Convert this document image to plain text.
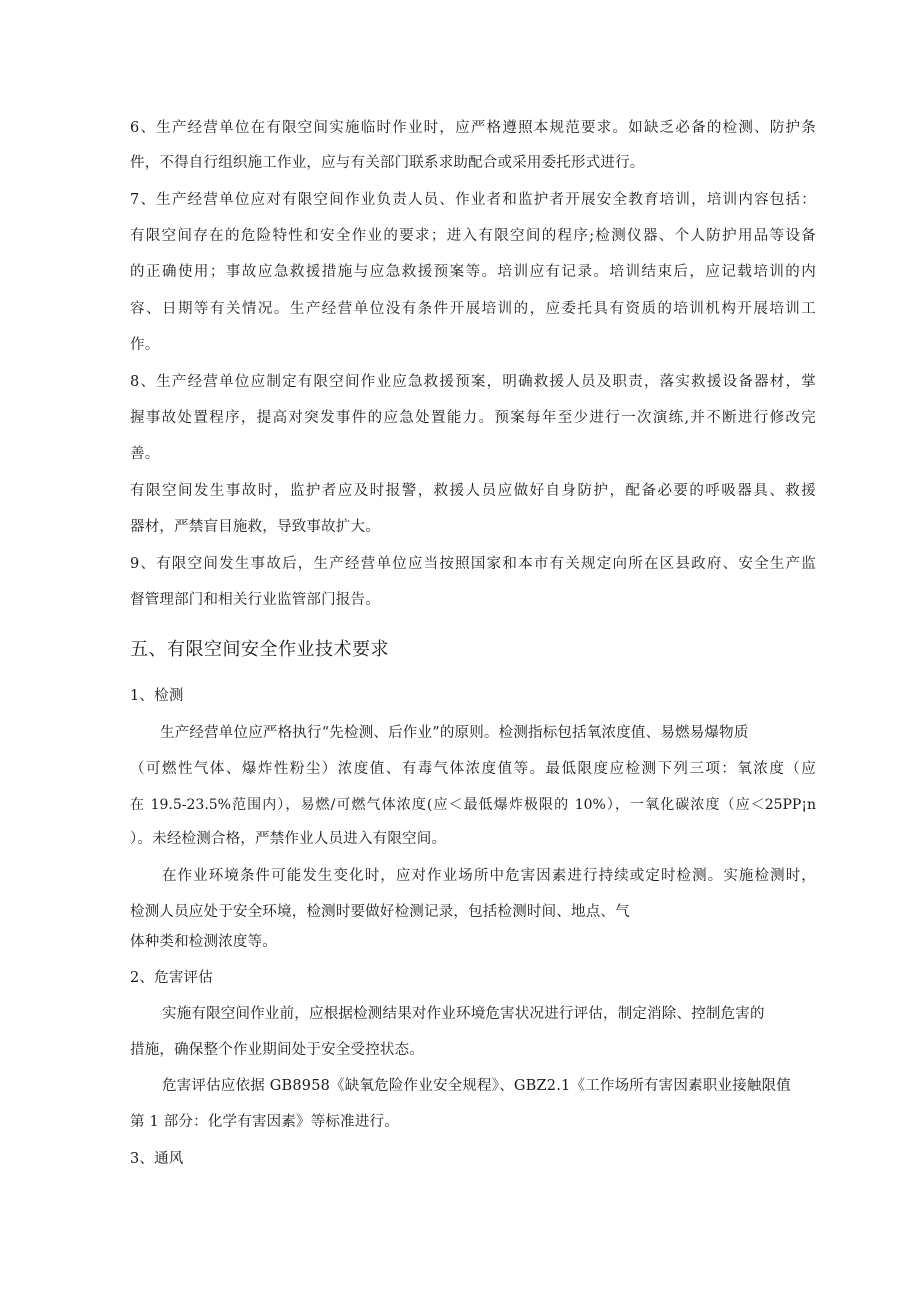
6、生产经营单位在有限空间实施临时作业时，应严格遵照本规范要求。如缺乏必备的检测、防护条
件，不得自行组织施工作业，应与有关部门联系求助配合或采用委托形式进行。
7、生产经营单位应对有限空间作业负责人员、作业者和监护者开展安全教育培训，培训内容包括：
有限空间存在的危险特性和安全作业的要求；进入有限空间的程序;检测仪器、个人防护用品等设备
的正确使用；事故应急救援措施与应急救援预案等。培训应有记录。培训结束后，应记载培训的内
容、日期等有关情况。生产经营单位没有条件开展培训的，应委托具有资质的培训机构开展培训工
作。
8、生产经营单位应制定有限空间作业应急救援预案，明确救援人员及职责，落实救援设备器材，掌
握事故处置程序，提高对突发事件的应急处置能力。预案每年至少进行一次演练,并不断进行修改完
善。
有限空间发生事故时，监护者应及时报警，救援人员应做好自身防护，配备必要的呼吸器具、救援
器材，严禁盲目施救，导致事故扩大。
9、有限空间发生事故后，生产经营单位应当按照国家和本市有关规定向所在区县政府、安全生产监
督管理部门和相关行业监管部门报告。
五、有限空间安全作业技术要求
1、检测
生产经营单位应严格执行“先检测、后作业”的原则。检测指标包括氧浓度值、易燃易爆物质
（可燃性气体、爆炸性粉尘）浓度值、有毒气体浓度值等。最低限度应检测下列三项：氧浓度（应
在 19.5-23.5%范围内），易燃/可燃气体浓度(应＜最低爆炸极限的 10%），一氧化碳浓度（应＜25PP¡n
）。未经检测合格，严禁作业人员进入有限空间。
在作业环境条件可能发生变化时，应对作业场所中危害因素进行持续或定时检测。实施检测时，
检测人员应处于安全环境，检测时要做好检测记录，包括检测时间、地点、气
体种类和检测浓度等。
2、危害评估
实施有限空间作业前，应根据检测结果对作业环境危害状况进行评估，制定消除、控制危害的
措施，确保整个作业期间处于安全受控状态。
危害评估应依据 GB8958《缺氧危险作业安全规程》、GBZ2.1《工作场所有害因素职业接触限值
第 1 部分：化学有害因素》等标准进行。
3、通风
